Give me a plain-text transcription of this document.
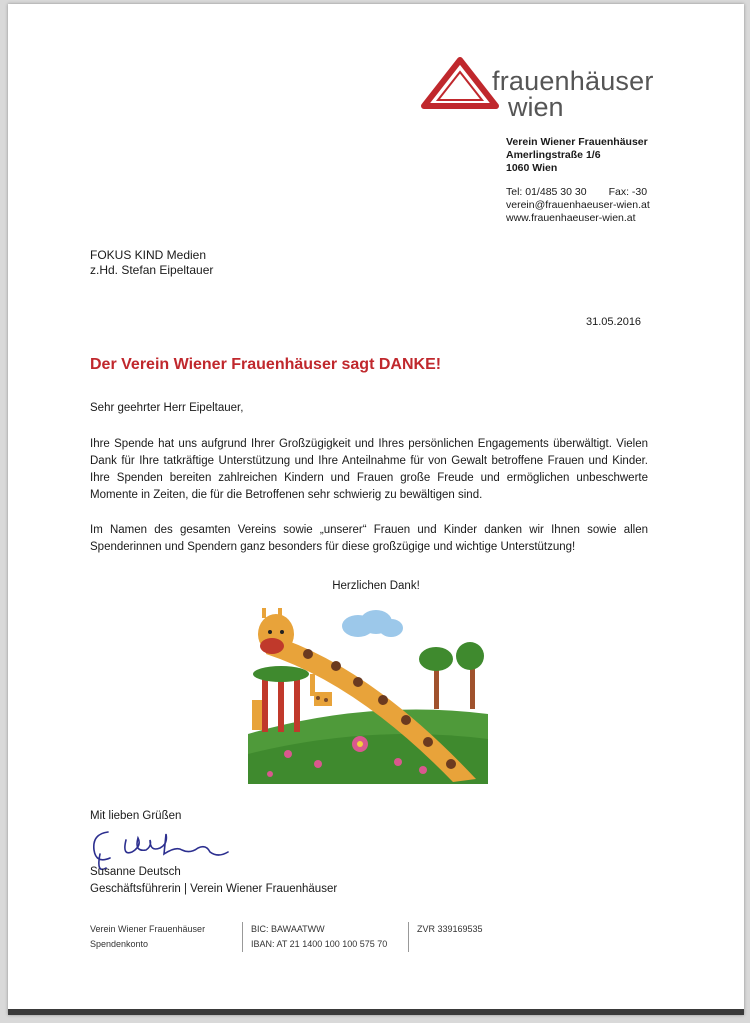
frauenhäuser
wien
Verein Wiener Frauenhäuser
Amerlingstraße 1/6
1060 Wien
Tel: 01/485 30 30 Fax: -30
verein@frauenhaeuser-wien.at
www.frauenhaeuser-wien.at
FOKUS KIND Medien
z.Hd. Stefan Eipeltauer
31.05.2016
Der Verein Wiener Frauenhäuser sagt DANKE!
Sehr geehrter Herr Eipeltauer,
Ihre Spende hat uns aufgrund Ihrer Großzügigkeit und Ihres persönlichen Engagements überwältigt. Vielen Dank für Ihre tatkräftige Unterstützung und Ihre Anteilnahme für von Gewalt betroffene Frauen und Kinder. Ihre Spenden bereiten zahlreichen Kindern und Frauen große Freude und ermöglichen unbeschwerte Momente in Zeiten, die für die Betroffenen sehr schwierig zu bewältigen sind.
Im Namen des gesamten Vereins sowie „unserer“ Frauen und Kinder danken wir Ihnen sowie allen Spenderinnen und Spendern ganz besonders für diese großzügige und wichtige Unterstützung!
Herzlichen Dank!
Mit lieben Grüßen
Susanne Deutsch
Geschäftsführerin | Verein Wiener Frauenhäuser
Verein Wiener Frauenhäuser
Spendenkonto
BIC: BAWAATWW
IBAN: AT 21 1400 100 100 575 70
ZVR 339169535
